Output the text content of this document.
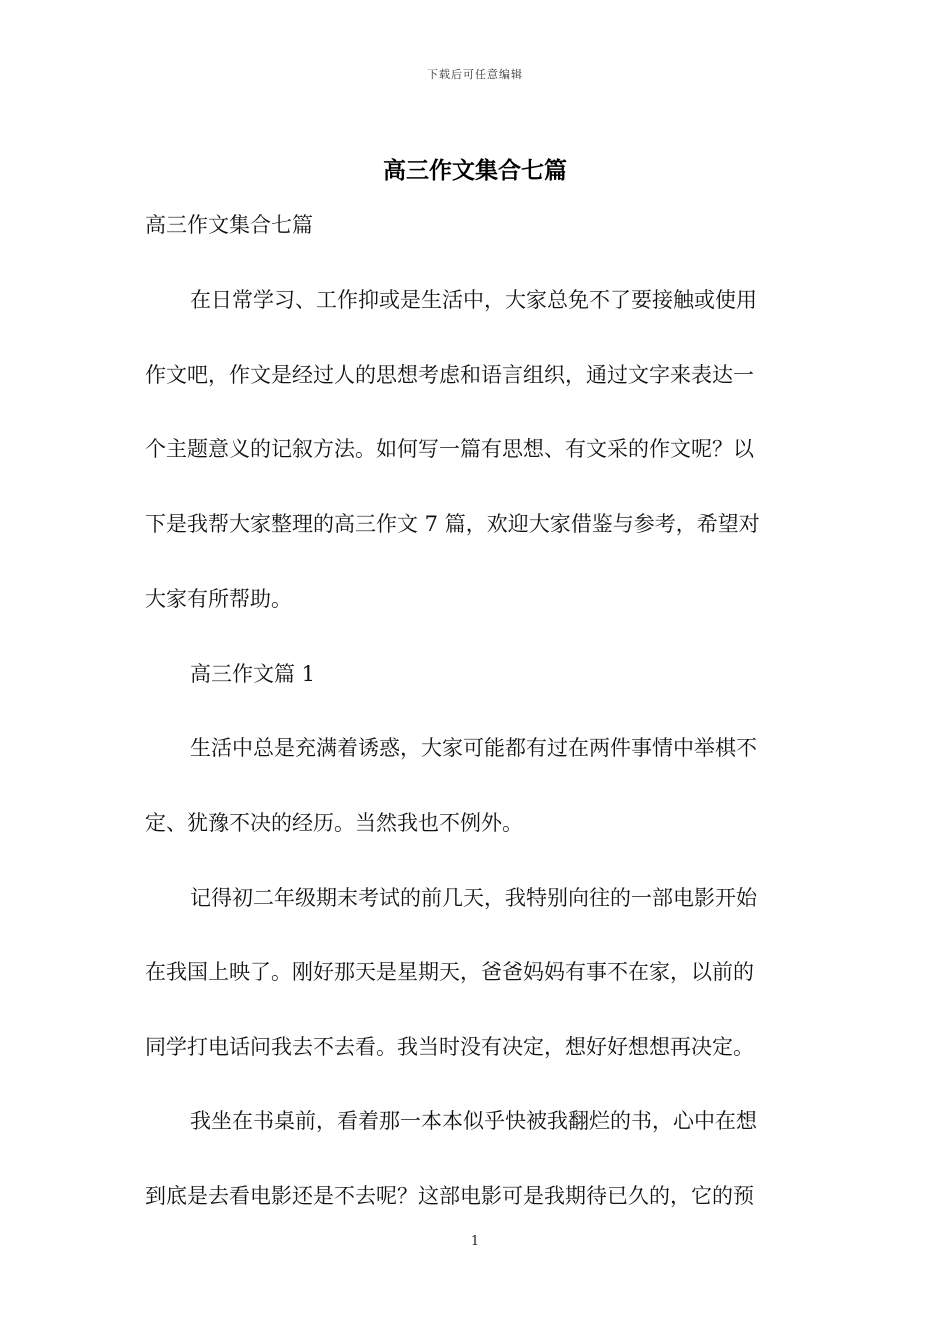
下载后可任意编辑
高三作文集合七篇
高三作文集合七篇
在日常学习、工作抑或是生活中，大家总免不了要接触或使用
作文吧，作文是经过人的思想考虑和语言组织，通过文字来表达一
个主题意义的记叙方法。如何写一篇有思想、有文采的作文呢？以
下是我帮大家整理的高三作文 7 篇，欢迎大家借鉴与参考，希望对
大家有所帮助。
高三作文篇 1
生活中总是充满着诱惑，大家可能都有过在两件事情中举棋不
定、犹豫不决的经历。当然我也不例外。
记得初二年级期末考试的前几天，我特别向往的一部电影开始
在我国上映了。刚好那天是星期天，爸爸妈妈有事不在家，以前的
同学打电话问我去不去看。我当时没有决定，想好好想想再决定。
我坐在书桌前，看着那一本本似乎快被我翻烂的书，心中在想
到底是去看电影还是不去呢？这部电影可是我期待已久的，它的预
1
